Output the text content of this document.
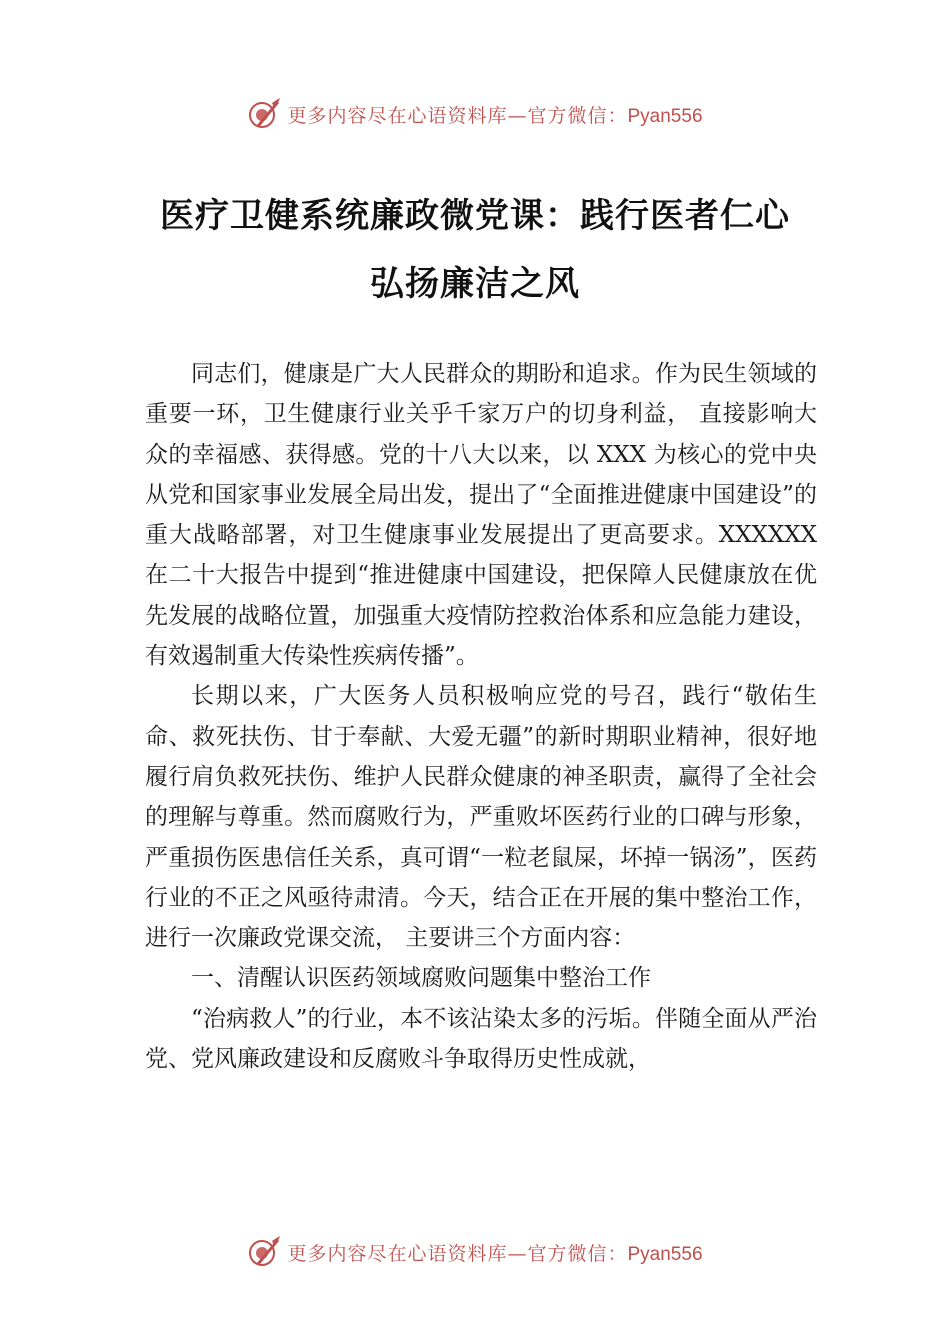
更多内容尽在心语资料库—官方微信：Pyan556
医疗卫健系统廉政微党课：践行医者仁心
弘扬廉洁之风

同志们，健康是广大人民群众的期盼和追求。作为民生领域的重要一环，卫生健康行业关乎千家万户的切身利益， 直接影响大众的幸福感、获得感。党的十八大以来，以 XXX 为核心的党中央从党和国家事业发展全局出发，提出了“全面推进健康中国建设”的重大战略部署，对卫生健康事业发展提出了更高要求。XXXXXX 在二十大报告中提到“推进健康中国建设，把保障人民健康放在优先发展的战略位置，加强重大疫情防控救治体系和应急能力建设，有效遏制重大传染性疾病传播”。

长期以来，广大医务人员积极响应党的号召，践行“敬佑生命、救死扶伤、甘于奉献、大爱无疆”的新时期职业精神，很好地履行肩负救死扶伤、维护人民群众健康的神圣职责，赢得了全社会的理解与尊重。然而腐败行为，严重败坏医药行业的口碑与形象，严重损伤医患信任关系，真可谓“一粒老鼠屎，坏掉一锅汤”，医药行业的不正之风亟待肃清。今天，结合正在开展的集中整治工作，进行一次廉政党课交流， 主要讲三个方面内容：

一、清醒认识医药领域腐败问题集中整治工作

“治病救人”的行业，本不该沾染太多的污垢。伴随全面从严治党、党风廉政建设和反腐败斗争取得历史性成就，

更多内容尽在心语资料库—官方微信：Pyan556
